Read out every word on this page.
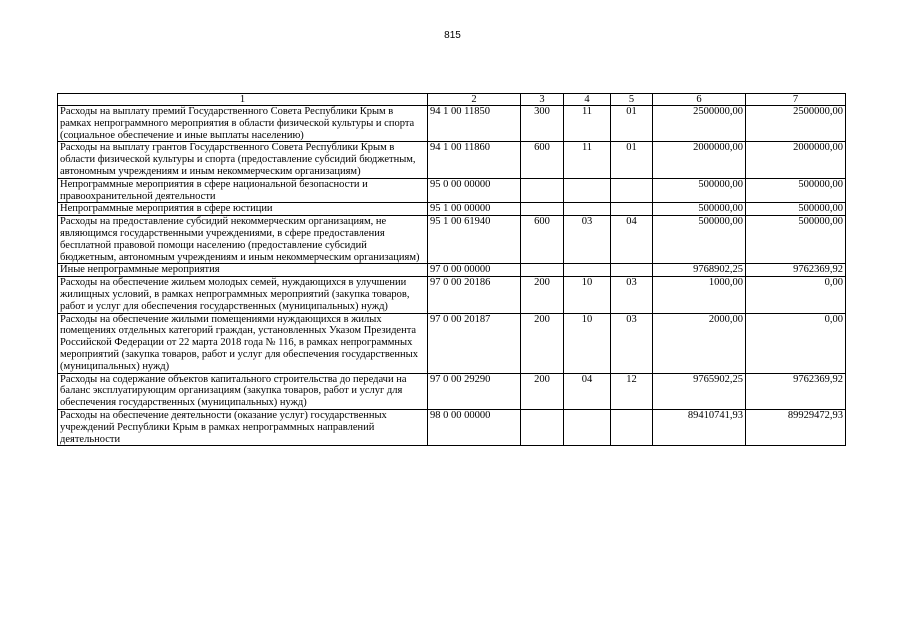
815
1	2	3	4	5	6	7
Расходы на выплату премий Государственного Совета Республики Крым в рамках непрограммного мероприятия в области физической культуры и спорта (социальное обеспечение и иные выплаты населению)	94 1 00 11850	300	11	01	2500000,00	2500000,00
Расходы на выплату грантов Государственного Совета Республики Крым в области физической культуры и спорта (предоставление субсидий бюджетным, автономным учреждениям и иным некоммерческим организациям)	94 1 00 11860	600	11	01	2000000,00	2000000,00
Непрограммные мероприятия в сфере национальной безопасности и правоохранительной деятельности	95 0 00 00000				500000,00	500000,00
Непрограммные мероприятия в сфере юстиции	95 1 00 00000				500000,00	500000,00
Расходы на предоставление субсидий некоммерческим организациям, не являющимся государственными учреждениями, в сфере предоставления бесплатной правовой помощи населению (предоставление субсидий бюджетным, автономным учреждениям и иным некоммерческим организациям)	95 1 00 61940	600	03	04	500000,00	500000,00
Иные непрограммные мероприятия	97 0 00 00000				9768902,25	9762369,92
Расходы на обеспечение жильем молодых семей, нуждающихся в улучшении жилищных условий, в рамках непрограммных мероприятий (закупка товаров, работ и услуг для обеспечения государственных (муниципальных) нужд)	97 0 00 20186	200	10	03	1000,00	0,00
Расходы на обеспечение жилыми помещениями нуждающихся в жилых помещениях отдельных категорий граждан, установленных Указом Президента Российской Федерации от 22 марта 2018 года № 116, в рамках непрограммных мероприятий (закупка товаров, работ и услуг для обеспечения государственных (муниципальных) нужд)	97 0 00 20187	200	10	03	2000,00	0,00
Расходы на содержание объектов капитального строительства до передачи на баланс эксплуатирующим организациям (закупка товаров, работ и услуг для обеспечения государственных (муниципальных) нужд)	97 0 00 29290	200	04	12	9765902,25	9762369,92
Расходы на обеспечение деятельности (оказание услуг) государственных учреждений Республики Крым в рамках непрограммных направлений деятельности	98 0 00 00000				89410741,93	89929472,93
